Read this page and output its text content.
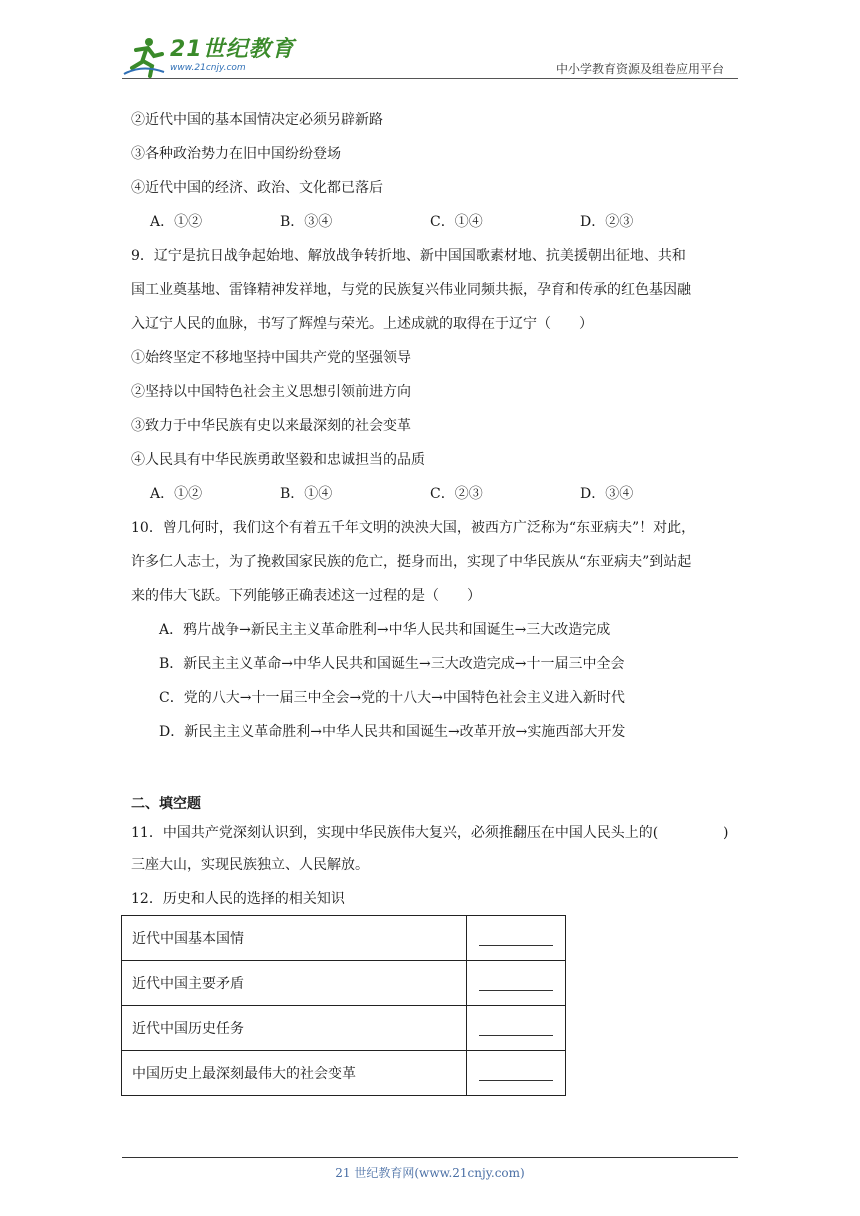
21世纪教育
www.21cnjy.com	中小学教育资源及组卷应用平台
②近代中国的基本国情决定必须另辟新路
③各种政治势力在旧中国纷纷登场
④近代中国的经济、政治、文化都已落后
A．①②	B．③④	C．①④	D．②③
9．辽宁是抗日战争起始地、解放战争转折地、新中国国歌素材地、抗美援朝出征地、共和
国工业奠基地、雷锋精神发祥地，与党的民族复兴伟业同频共振，孕育和传承的红色基因融
入辽宁人民的血脉，书写了辉煌与荣光。上述成就的取得在于辽宁（　　）
①始终坚定不移地坚持中国共产党的坚强领导
②坚持以中国特色社会主义思想引领前进方向
③致力于中华民族有史以来最深刻的社会变革
④人民具有中华民族勇敢坚毅和忠诚担当的品质
A．①②	B．①④	C．②③	D．③④
10．曾几何时，我们这个有着五千年文明的泱泱大国，被西方广泛称为“东亚病夫”！对此，
许多仁人志士，为了挽救国家民族的危亡，挺身而出，实现了中华民族从“东亚病夫”到站起
来的伟大飞跃。下列能够正确表述这一过程的是（　　）
A．鸦片战争→新民主主义革命胜利→中华人民共和国诞生→三大改造完成
B．新民主主义革命→中华人民共和国诞生→三大改造完成→十一届三中全会
C．党的八大→十一届三中全会→党的十八大→中国特色社会主义进入新时代
D．新民主主义革命胜利→中华人民共和国诞生→改革开放→实施西部大开发
二、填空题
11．中国共产党深刻认识到，实现中华民族伟大复兴，必须推翻压在中国人民头上的(	)
三座大山，实现民族独立、人民解放。
12．历史和人民的选择的相关知识
近代中国基本国情	
近代中国主要矛盾	
近代中国历史任务	
中国历史上最深刻最伟大的社会变革	
21 世纪教育网(www.21cnjy.com)
